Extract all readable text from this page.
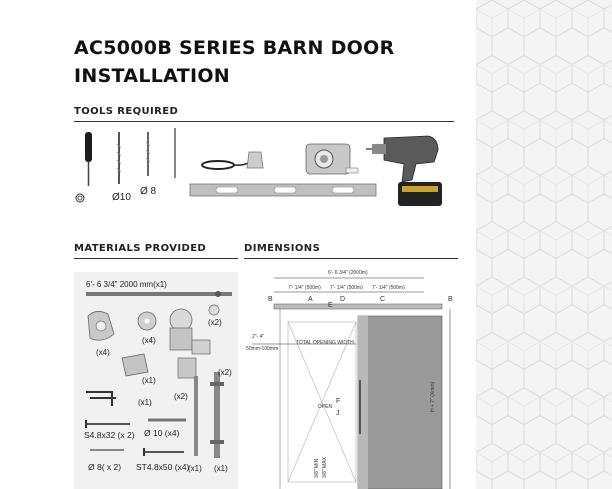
AC5000B SERIES BARN DOOR
INSTALLATION
TOOLS REQUIRED
Ø10
Ø 8
MATERIALS PROVIDED
6'- 6 3/4" 2000 mm(x1)
(x4)
(x4)
(x2)
(x1)
(x2)
(x2)
(x1)
S4.8x32 (x 2) Ø 10 (x4)
Ø 8( x 2) ST4.8x50 (x4)
(x1) (x1)
DIMENSIONS
6'- 6 3/4" (2000m)
7'- 1/4" (500m) 7'- 1/4" (500m) 7'- 1/4" (500m)
B	A	D
E
C	B
2"- 4"
50mm-100mm
TOTAL OPENING WIDTH
OPEN
F
J
H + 7" (Xmm)
3/8" MIN 3/8" MAX
